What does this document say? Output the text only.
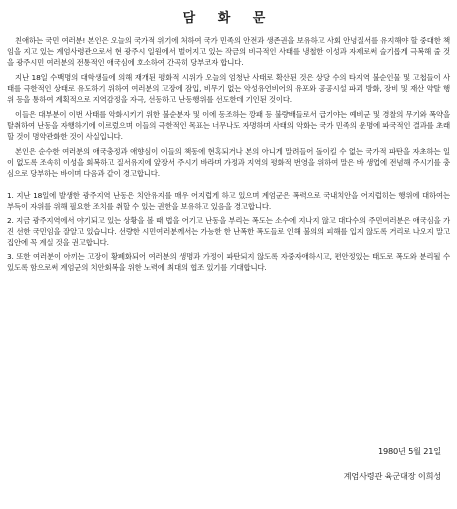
담 화 문

친애하는 국민 여러분! 본인은 오늘의 국가적 위기에 처하여 국가 민족의 안전과 생존권을 보유하고 사회 안녕질서를 유지해야 할 중대한 책임을 지고 있는 계엄사령관으로서 현 광주시 일원에서 벌어지고 있는 작금의 비극적인 사태를 냉철한 이성과 자제로써 슬기롭게 극복해 줄 것을 광주시민 여러분의 전통적인 애국심에 호소하여 간곡히 당부코자 합니다.

지난 18일 수백명의 대학생들에 의해 재개된 평화적 시위가 오늘의 엄청난 사태로 확산된 것은 상당 수의 타지역 불순인물 및 고첩들이 사태를 극한적인 상태로 유도하기 위하여 여러분의 고장에 잠입, 비무기 없는 악성유언비어의 유포와 공공시설 파괴 방화, 장비 및 재산 약탈 행위 등을 통하여 계획적으로 지역감정을 자극, 선동하고 난동행위를 선도한데 기인된 것이다.

이들은 대부분이 이번 사태를 악화시키기 위한 불순분자 및 이에 동조하는 깡패 등 불량배들로서 급기야는 예비군 및 경찰의 무기와 폭약을 탈취하여 난동을 자행하기에 이르렀으며 이들의 극한적인 목표는 너무나도 자명하며 사태의 악화는 국가 민족의 운명에 파국적인 결과를 초래할 것이 명약관화한 것이 사실입니다.

본인은 순수한 여러분의 애국충정과 애향심이 이들의 책동에 현혹되거나 본의 아니게 말려들어 돌이킬 수 없는 국가적 파탄을 자초하는 일이 없도록 조속히 이성을 회복하고 질서유지에 앞장서 주시기 바라며 가정과 지역의 평화적 번영을 위하여 말은 바 생업에 전념해 주시기를 충심으로 당부하는 바이며 다음과 같이 경고합니다.

1. 지난 18일에 발생한 광주지역 난동은 치안유지를 매우 어지럽게 하고 있으며 계엄군은 폭력으로 국내치안을 어지럽히는 행위에 대하여는 부득이 자위를 위해 필요한 조치를 취할 수 있는 권한을 보유하고 있음을 경고합니다.
2. 지금 광주지역에서 야기되고 있는 상황을 볼 때 법을 어기고 난동을 부리는 폭도는 소수에 지나지 않고 대다수의 주민여러분은 애국심을 가진 선한 국민임을 잘알고 있습니다. 선량한 시민여러분께서는 가능한 한 난폭한 폭도들로 인해 불의의 피해를 입지 않도록 거리로 나오지 말고 집안에 꼭 계실 것을 권고합니다.
3. 또한 여러분이 아끼는 고장이 황폐화되어 여러분의 생명과 가정이 파탄되지 않도록 자중자애하시고, 편안정있는 태도로 폭도와 분리될 수 있도록 함으로써 계엄군의 치안회복을 위한 노력에 최대의 협조 있기를 기대합니다.
1980년 5월 21일
계엄사령관 육군대장 이희성
